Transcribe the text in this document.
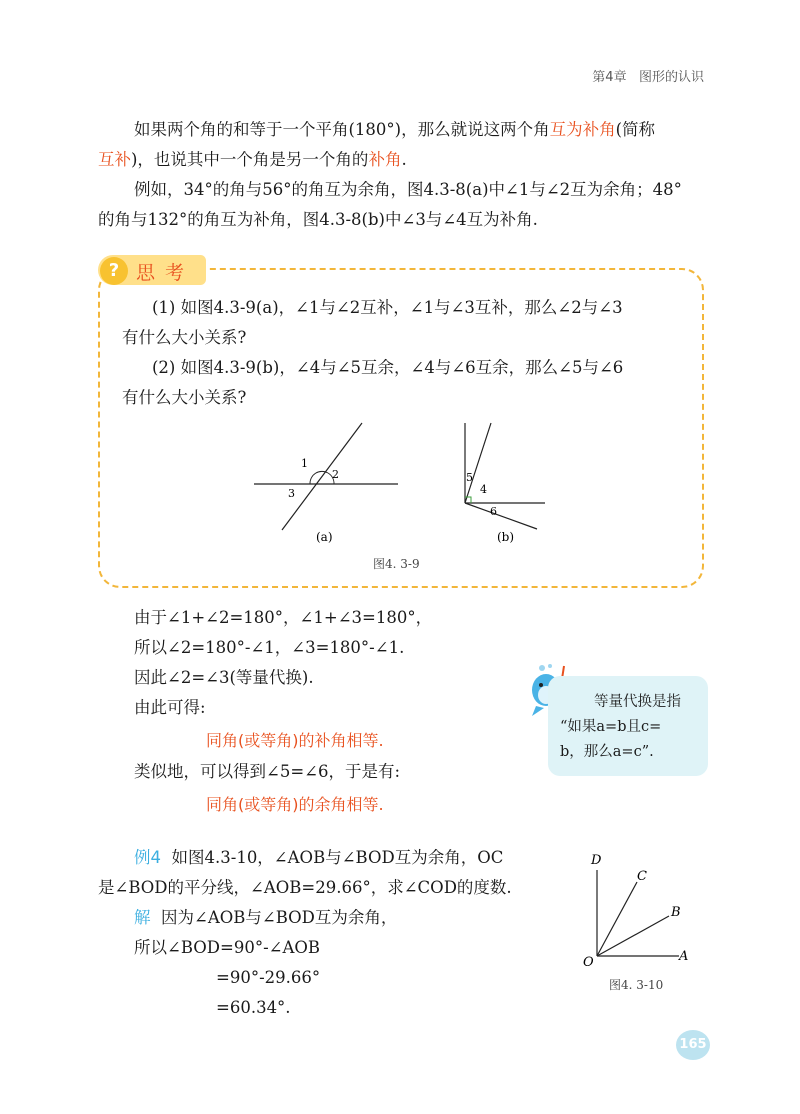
第4章 图形的认识
如果两个角的和等于一个平角(180°)，那么就说这两个角互为补角(简称
互补)，也说其中一个角是另一个角的补角.
例如，34°的角与56°的角互为余角，图4.3-8(a)中∠1与∠2互为余角；48°
的角与132°的角互为补角，图4.3-8(b)中∠3与∠4互为补角.
? 思考
(1) 如图4.3-9(a)，∠1与∠2互补，∠1与∠3互补，那么∠2与∠3
有什么大小关系?
(2) 如图4.3-9(b)，∠4与∠5互余，∠4与∠6互余，那么∠5与∠6
有什么大小关系?
1
2
3
(a)
5
4
6
(b)
图4. 3-9
由于∠1+∠2=180°，∠1+∠3=180°，
所以∠2=180°-∠1，∠3=180°-∠1.
因此∠2=∠3(等量代换).
由此可得:
同角(或等角)的补角相等.
类似地，可以得到∠5=∠6，于是有:
同角(或等角)的余角相等.
等量代换是指
“如果a=b且c=
b，那么a=c”.
例4 如图4.3-10，∠AOB与∠BOD互为余角，OC
是∠BOD的平分线，∠AOB=29.66°，求∠COD的度数.
解 因为∠AOB与∠BOD互为余角，
所以∠BOD=90°-∠AOB
=90°-29.66°
=60.34°.
D
C
B
O	A
图4. 3-10
165
